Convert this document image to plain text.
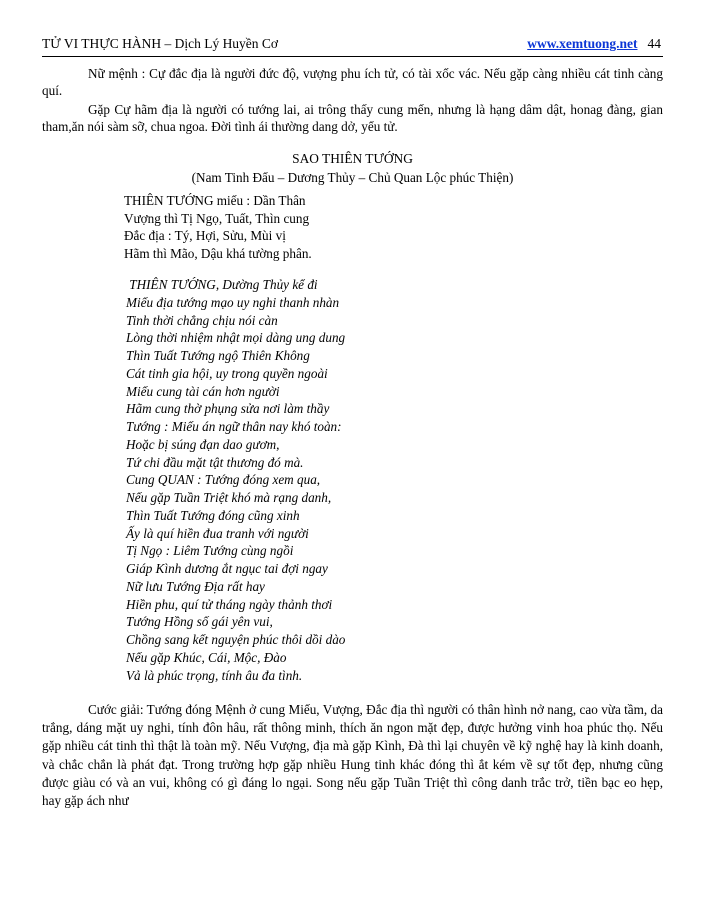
TỬ VI THỰC HÀNH – Dịch Lý Huyền Cơ	www.xemtuong.net 44

Nữ mệnh : Cự đắc địa là người đức độ, vượng phu ích tử, có tài xốc vác. Nếu gặp càng nhiều cát tinh càng quí.

Gặp Cự hãm địa là người có tướng lai, ai trông thấy cung mến, nhưng là hạng dâm dật, honag đàng, gian tham,ăn nói sàm sỡ, chua ngoa. Đời tình ái thường dang dở, yểu tử.

SAO THIÊN TƯỚNG

(Nam Tinh Đẩu – Dương Thủy – Chủ Quan Lộc phúc Thiện)

THIÊN TƯỚNG miếu : Dần Thân
Vượng thì Tị Ngọ, Tuất, Thìn cung
Đắc địa : Tý, Hợi, Sửu, Mùi vị
Hãm thì Mão, Dậu khá tường phân.
THIÊN TƯỚNG, Dường Thủy kể đi
Miếu địa tướng mạo uy nghi thanh nhàn
Tinh thời chẳng chịu nói càn
Lòng thời nhiệm nhật mọi dàng ung dung
Thìn Tuất Tướng ngộ Thiên Không
Cát tinh gia hội, uy trong quyền ngoài
Miếu cung tài cán hơn người
Hãm cung thờ phụng sửa nơi làm thầy
Tướng : Miếu án ngữ thân nay khó toàn:
Hoặc bị súng đạn dao gươm,
Tứ chi đầu mặt tật thương đó mà.
Cung QUAN : Tướng đóng xem qua,
Nếu gặp Tuần Triệt khó mà rạng danh,
Thìn Tuất Tướng đóng cũng xinh
Ấy là quí hiền đua tranh với người
Tị Ngọ : Liêm Tướng cùng ngồi
Giáp Kình dương ắt ngục tai đợi ngay
Nữ lưu Tướng Địa rất hay
Hiền phu, quí tử tháng ngày thảnh thơi
Tướng Hồng số gái yên vui,
Chồng sang kết nguyện phúc thôi dồi dào
Nếu gặp Khúc, Cái, Mộc, Đào
Vả là phúc trọng, tính âu đa tình.

Cước giải: Tướng đóng Mệnh ở cung Miếu, Vượng, Đắc địa thì người có thân hình nở nang, cao vừa tầm, da trắng, dáng mặt uy nghi, tính đôn hâu, rất thông minh, thích ăn ngon mặt đẹp, được hưởng vinh hoa phúc thọ. Nếu gặp nhiều cát tinh thì thật là toàn mỹ. Nếu Vượng, địa mà gặp Kình, Đà thì lại chuyên về kỹ nghệ hay là kinh doanh, và chắc chắn là phát đạt. Trong trường hợp gặp nhiều Hung tinh khác đóng thì ắt kém về sự tốt đẹp, nhưng cũng được giàu có và an vui, không có gì đáng lo ngại. Song nếu gặp Tuần Triệt thì công danh trắc trở, tiền bạc eo hẹp, hay gặp ách như
